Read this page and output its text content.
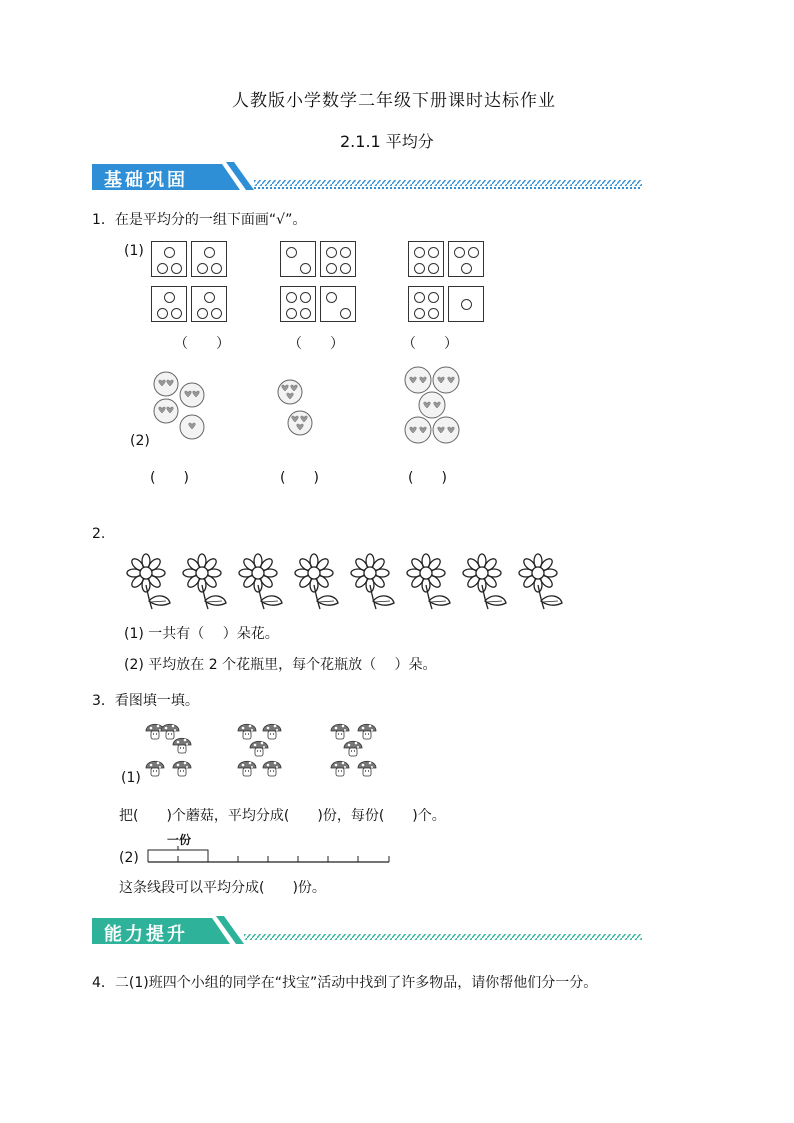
人教版小学数学二年级下册课时达标作业
2.1.1 平均分
基础巩固
1．在是平均分的一组下面画“√”。
(1)
（　　）	（　　）	（　　）
(2)
(　　)	(　　)	(　　)
2.
(1) 一共有（　 ）朵花。
(2) 平均放在 2 个花瓶里，每个花瓶放（　 ）朵。
3．看图填一填。
(1)
把(　　)个蘑菇，平均分成(　　)份，每份(　　)个。
(2)
一份
这条线段可以平均分成(　　)份。
能力提升
4．二(1)班四个小组的同学在“找宝”活动中找到了许多物品，请你帮他们分一分。
